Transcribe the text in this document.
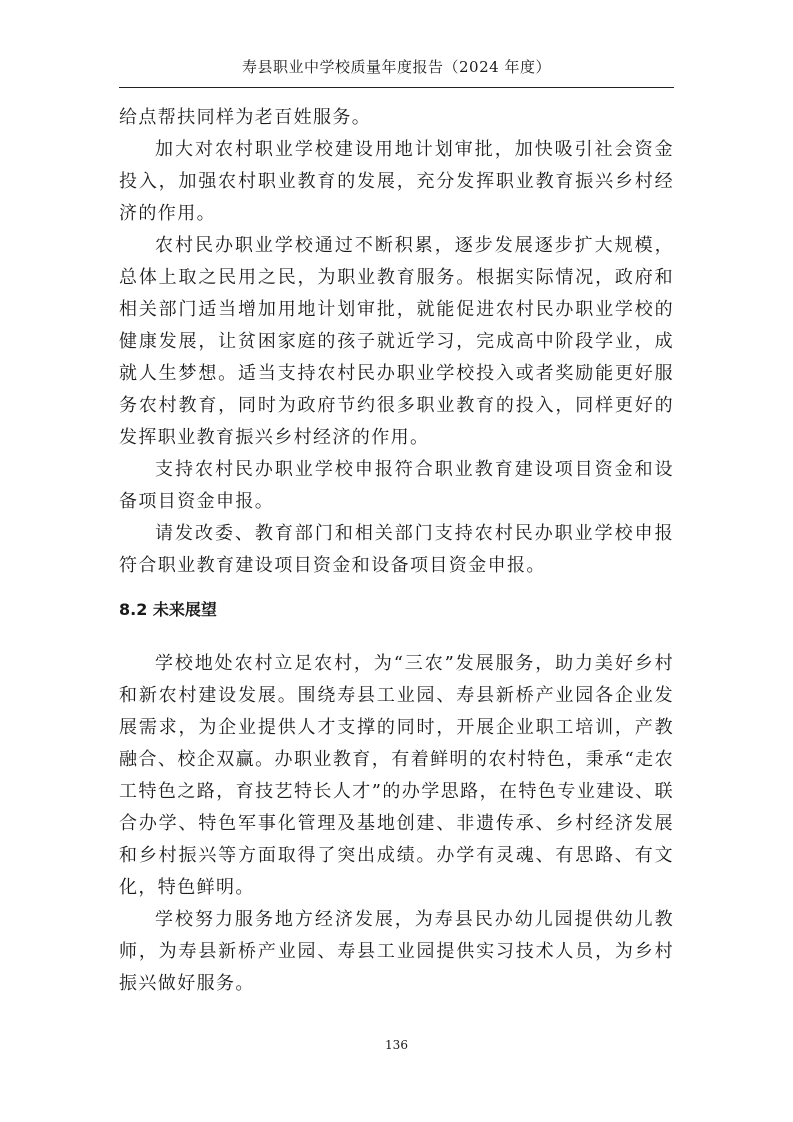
寿县职业中学校质量年度报告（2024 年度）

给点帮扶同样为老百姓服务。

加大对农村职业学校建设用地计划审批，加快吸引社会资金投入，加强农村职业教育的发展，充分发挥职业教育振兴乡村经济的作用。

农村民办职业学校通过不断积累，逐步发展逐步扩大规模，总体上取之民用之民，为职业教育服务。根据实际情况，政府和相关部门适当增加用地计划审批，就能促进农村民办职业学校的健康发展，让贫困家庭的孩子就近学习，完成高中阶段学业，成就人生梦想。适当支持农村民办职业学校投入或者奖励能更好服务农村教育，同时为政府节约很多职业教育的投入，同样更好的发挥职业教育振兴乡村经济的作用。

支持农村民办职业学校申报符合职业教育建设项目资金和设备项目资金申报。

请发改委、教育部门和相关部门支持农村民办职业学校申报符合职业教育建设项目资金和设备项目资金申报。

8.2 未来展望

学校地处农村立足农村，为“三农”发展服务，助力美好乡村和新农村建设发展。围绕寿县工业园、寿县新桥产业园各企业发展需求，为企业提供人才支撑的同时，开展企业职工培训，产教融合、校企双赢。办职业教育，有着鲜明的农村特色，秉承“走农工特色之路，育技艺特长人才”的办学思路，在特色专业建设、联合办学、特色军事化管理及基地创建、非遗传承、乡村经济发展和乡村振兴等方面取得了突出成绩。办学有灵魂、有思路、有文化，特色鲜明。

学校努力服务地方经济发展，为寿县民办幼儿园提供幼儿教师，为寿县新桥产业园、寿县工业园提供实习技术人员，为乡村振兴做好服务。

136
